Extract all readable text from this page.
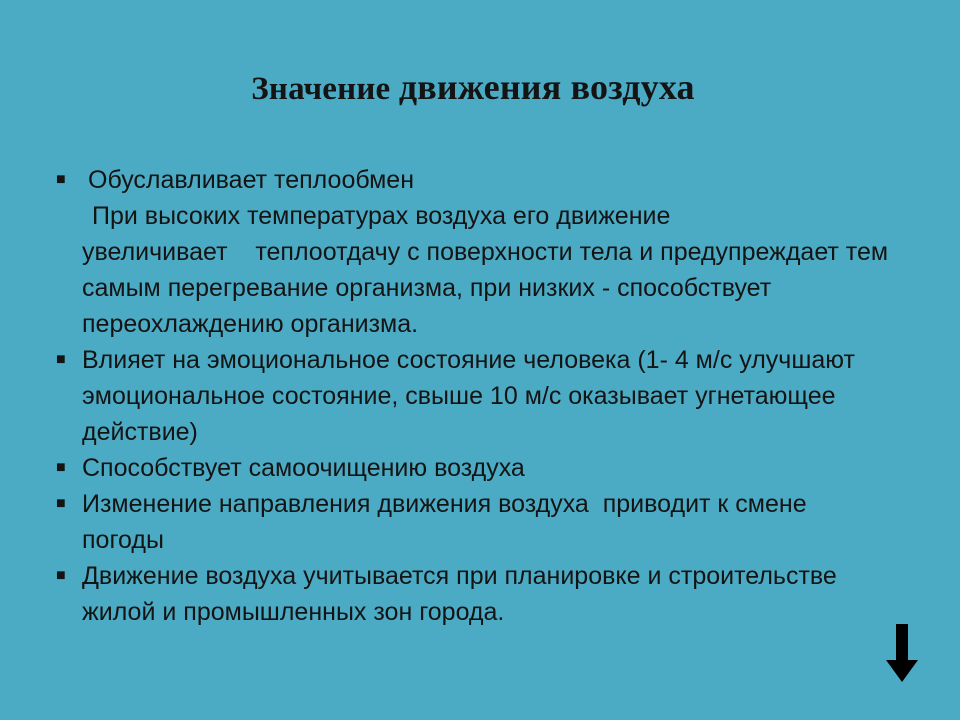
Значение движения воздуха
■ Обуславливает теплообмен
При высоких температурах воздуха его движение
увеличивает    теплоотдачу с поверхности тела и предупреждает тем самым перегревание организма, при низких - способствует переохлаждению организма.
■ Влияет на эмоциональное состояние человека (1- 4 м/с улучшают эмоциональное состояние, свыше 10 м/с оказывает угнетающее действие)
■ Способствует самоочищению воздуха
■ Изменение направления движения воздуха  приводит к смене погоды
■ Движение воздуха учитывается при планировке и строительстве жилой и промышленных зон города.
